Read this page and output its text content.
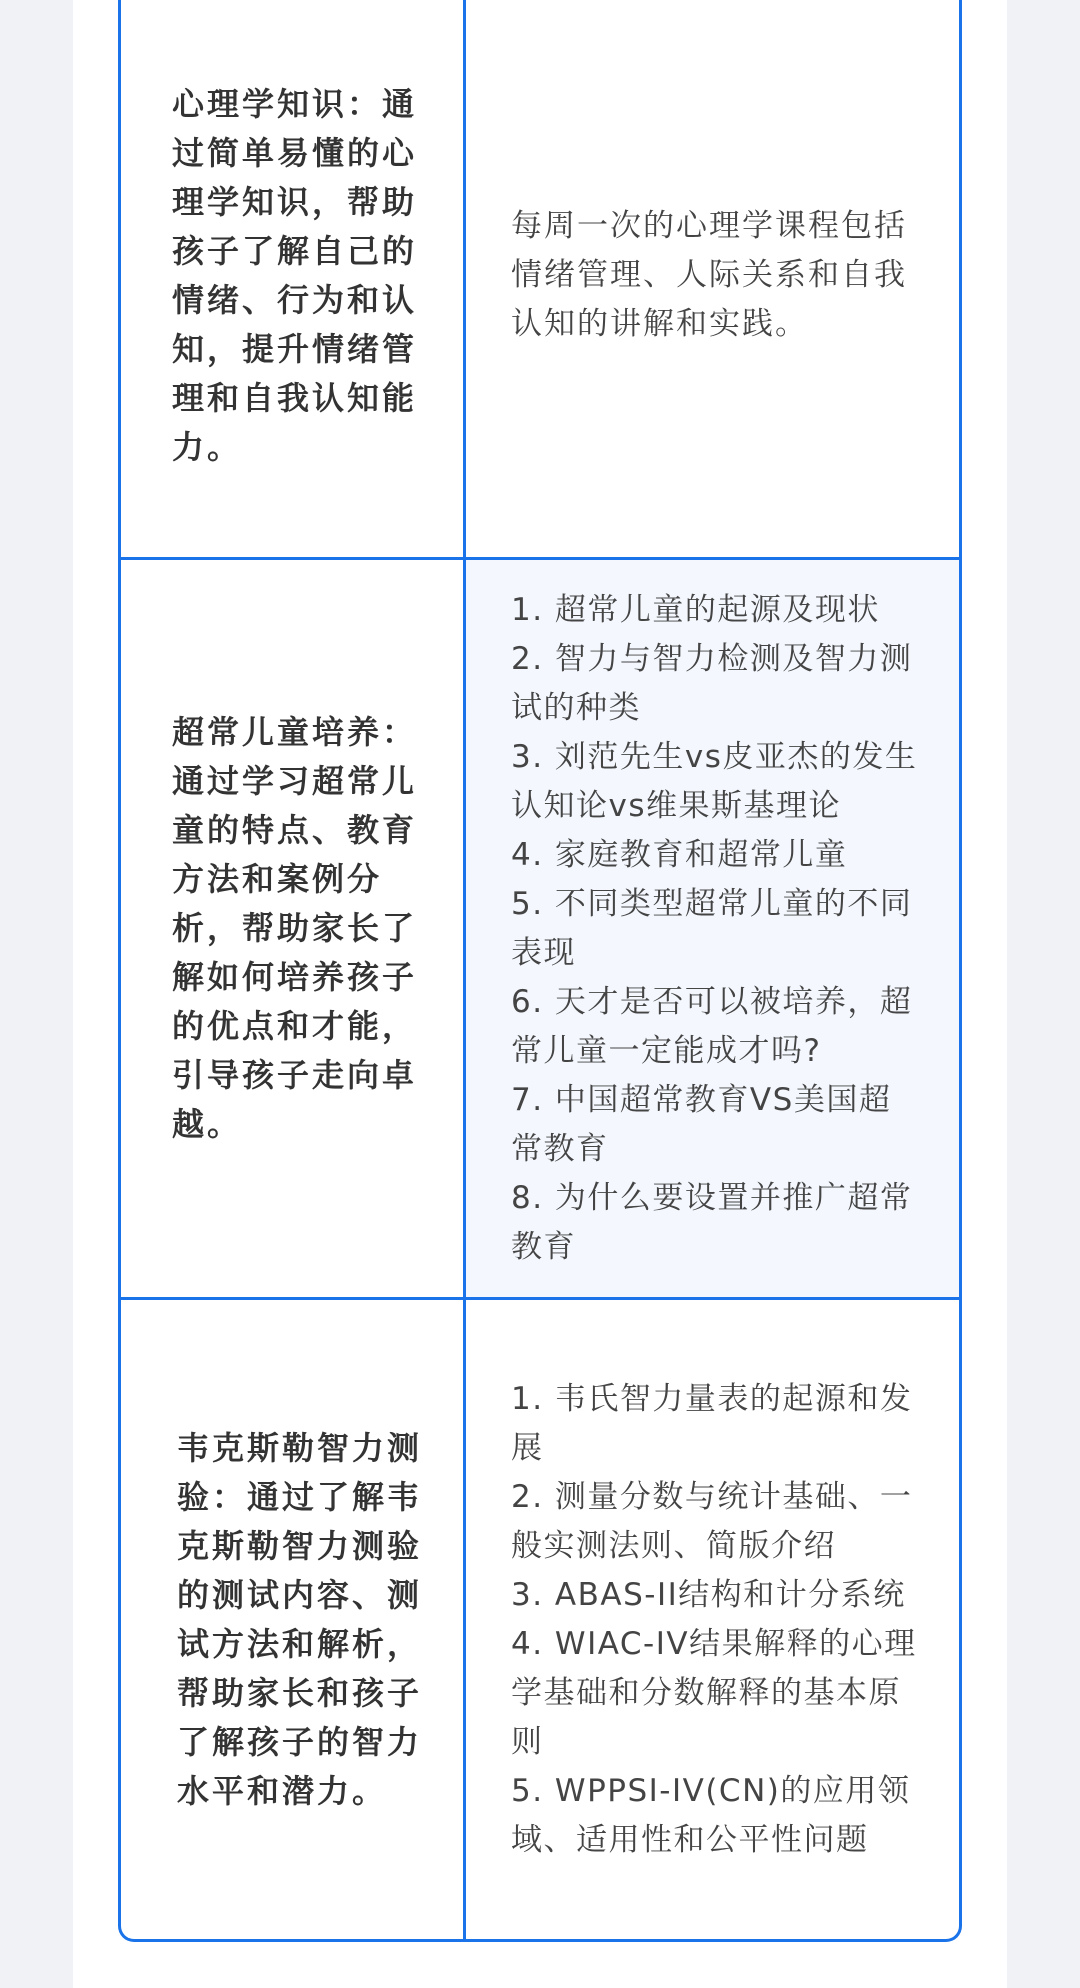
心理学知识：通过简单易懂的心理学知识，帮助孩子了解自己的情绪、行为和认知，提升情绪管理和自我认知能力。

每周一次的心理学课程包括情绪管理、人际关系和自我认知的讲解和实践。

超常儿童培养：通过学习超常儿童的特点、教育方法和案例分析，帮助家长了解如何培养孩子的优点和才能，引导孩子走向卓越。

1. 超常儿童的起源及现状
2. 智力与智力检测及智力测试的种类
3. 刘范先生vs皮亚杰的发生认知论vs维果斯基理论
4. 家庭教育和超常儿童
5. 不同类型超常儿童的不同表现
6. 天才是否可以被培养，超常儿童一定能成才吗?
7. 中国超常教育VS美国超常教育
8. 为什么要设置并推广超常教育

韦克斯勒智力测验：通过了解韦克斯勒智力测验的测试内容、测试方法和解析，帮助家长和孩子了解孩子的智力水平和潜力。

1. 韦氏智力量表的起源和发展
2. 测量分数与统计基础、一般实测法则、简版介绍
3. ABAS-II结构和计分系统
4. WIAC-IV结果解释的心理学基础和分数解释的基本原则
5. WPPSI-IV(CN)的应用领域、适用性和公平性问题
